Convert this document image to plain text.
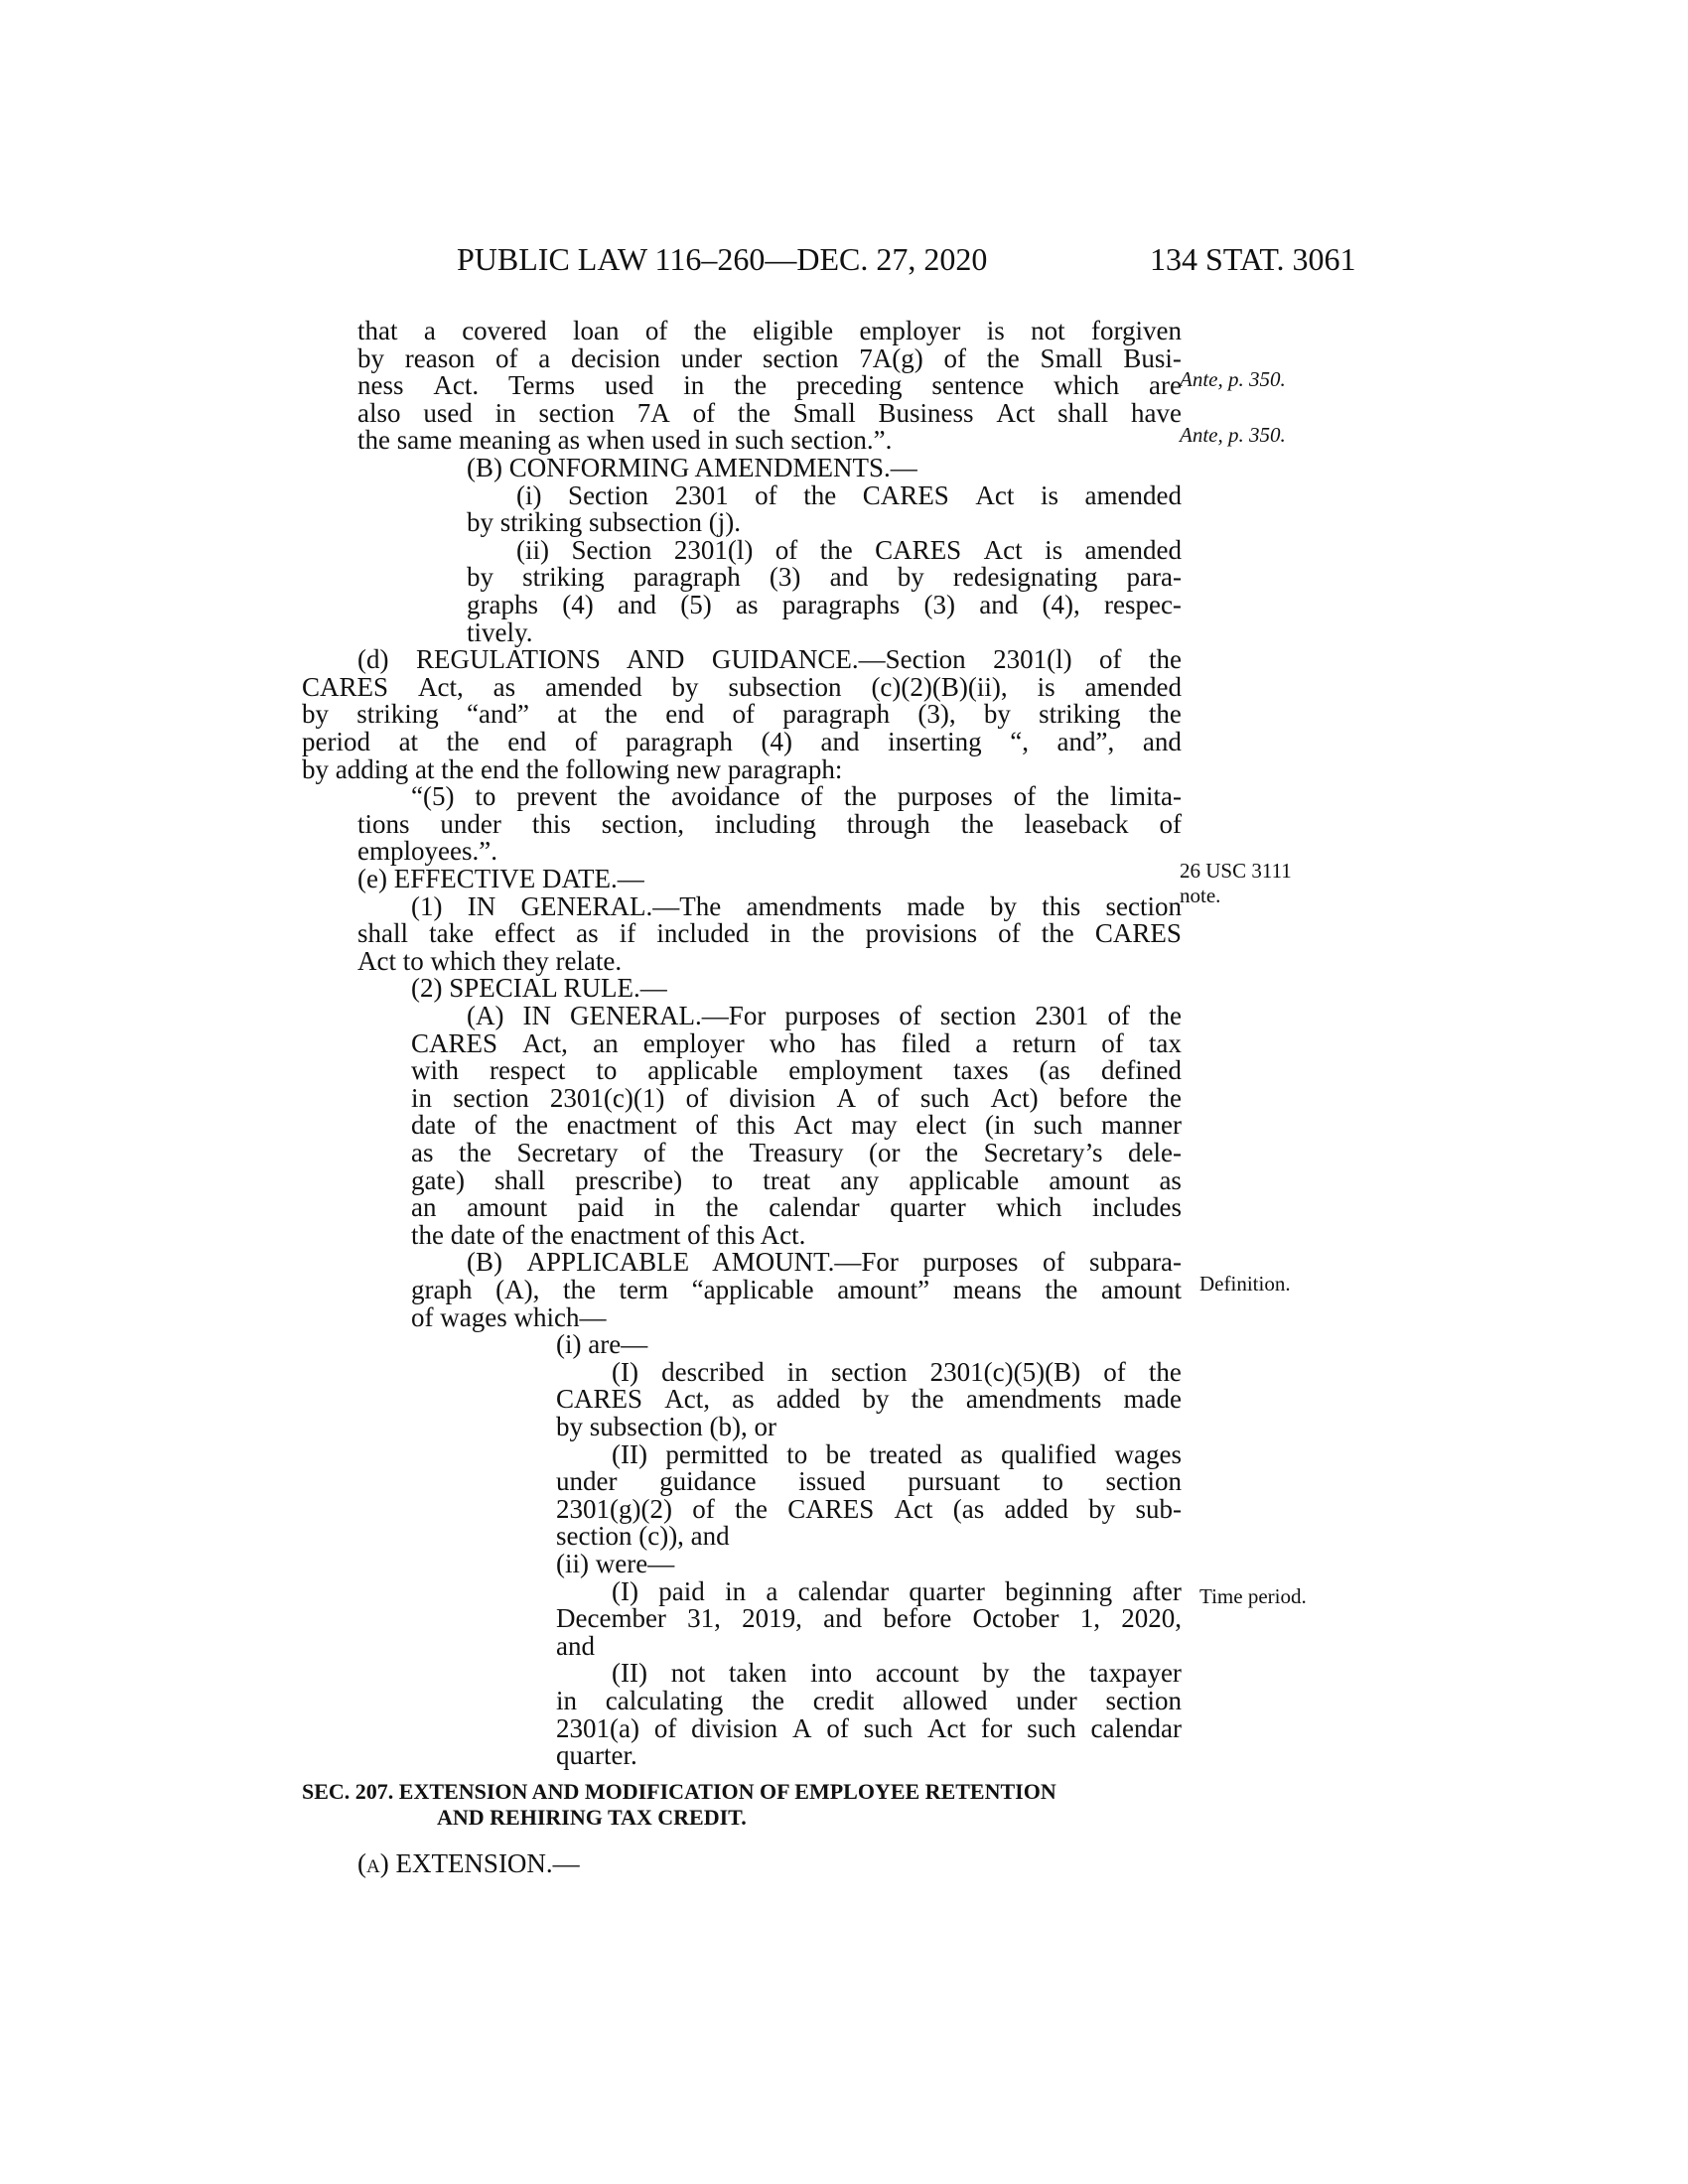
PUBLIC LAW 116–260—DEC. 27, 2020	134 STAT. 3061
that a covered loan of the eligible employer is not forgiven
by reason of a decision under section 7A(g) of the Small Busi-
ness Act. Terms used in the preceding sentence which are
also used in section 7A of the Small Business Act shall have
the same meaning as when used in such section.”.
(B) CONFORMING AMENDMENTS.—
(i) Section 2301 of the CARES Act is amended
by striking subsection (j).
(ii) Section 2301(l) of the CARES Act is amended
by striking paragraph (3) and by redesignating para-
graphs (4) and (5) as paragraphs (3) and (4), respec-
tively.
(d) REGULATIONS AND GUIDANCE.—Section 2301(l) of the
CARES Act, as amended by subsection (c)(2)(B)(ii), is amended
by striking “and” at the end of paragraph (3), by striking the
period at the end of paragraph (4) and inserting “, and”, and
by adding at the end the following new paragraph:
“(5) to prevent the avoidance of the purposes of the limita-
tions under this section, including through the leaseback of
employees.”.
(e) EFFECTIVE DATE.—
(1) IN GENERAL.—The amendments made by this section
shall take effect as if included in the provisions of the CARES
Act to which they relate.
(2) SPECIAL RULE.—
(A) IN GENERAL.—For purposes of section 2301 of the
CARES Act, an employer who has filed a return of tax
with respect to applicable employment taxes (as defined
in section 2301(c)(1) of division A of such Act) before the
date of the enactment of this Act may elect (in such manner
as the Secretary of the Treasury (or the Secretary’s dele-
gate) shall prescribe) to treat any applicable amount as
an amount paid in the calendar quarter which includes
the date of the enactment of this Act.
(B) APPLICABLE AMOUNT.—For purposes of subpara-
graph (A), the term “applicable amount” means the amount
of wages which—
(i) are—
(I) described in section 2301(c)(5)(B) of the
CARES Act, as added by the amendments made
by subsection (b), or
(II) permitted to be treated as qualified wages
under guidance issued pursuant to section
2301(g)(2) of the CARES Act (as added by sub-
section (c)), and
(ii) were—
(I) paid in a calendar quarter beginning after
December 31, 2019, and before October 1, 2020,
and
(II) not taken into account by the taxpayer
in calculating the credit allowed under section
2301(a) of division A of such Act for such calendar
quarter.
SEC. 207. EXTENSION AND MODIFICATION OF EMPLOYEE RETENTION
AND REHIRING TAX CREDIT.
(a) EXTENSION.—
Ante, p. 350.
Ante, p. 350.
26 USC 3111
note.
Definition.
Time period.
